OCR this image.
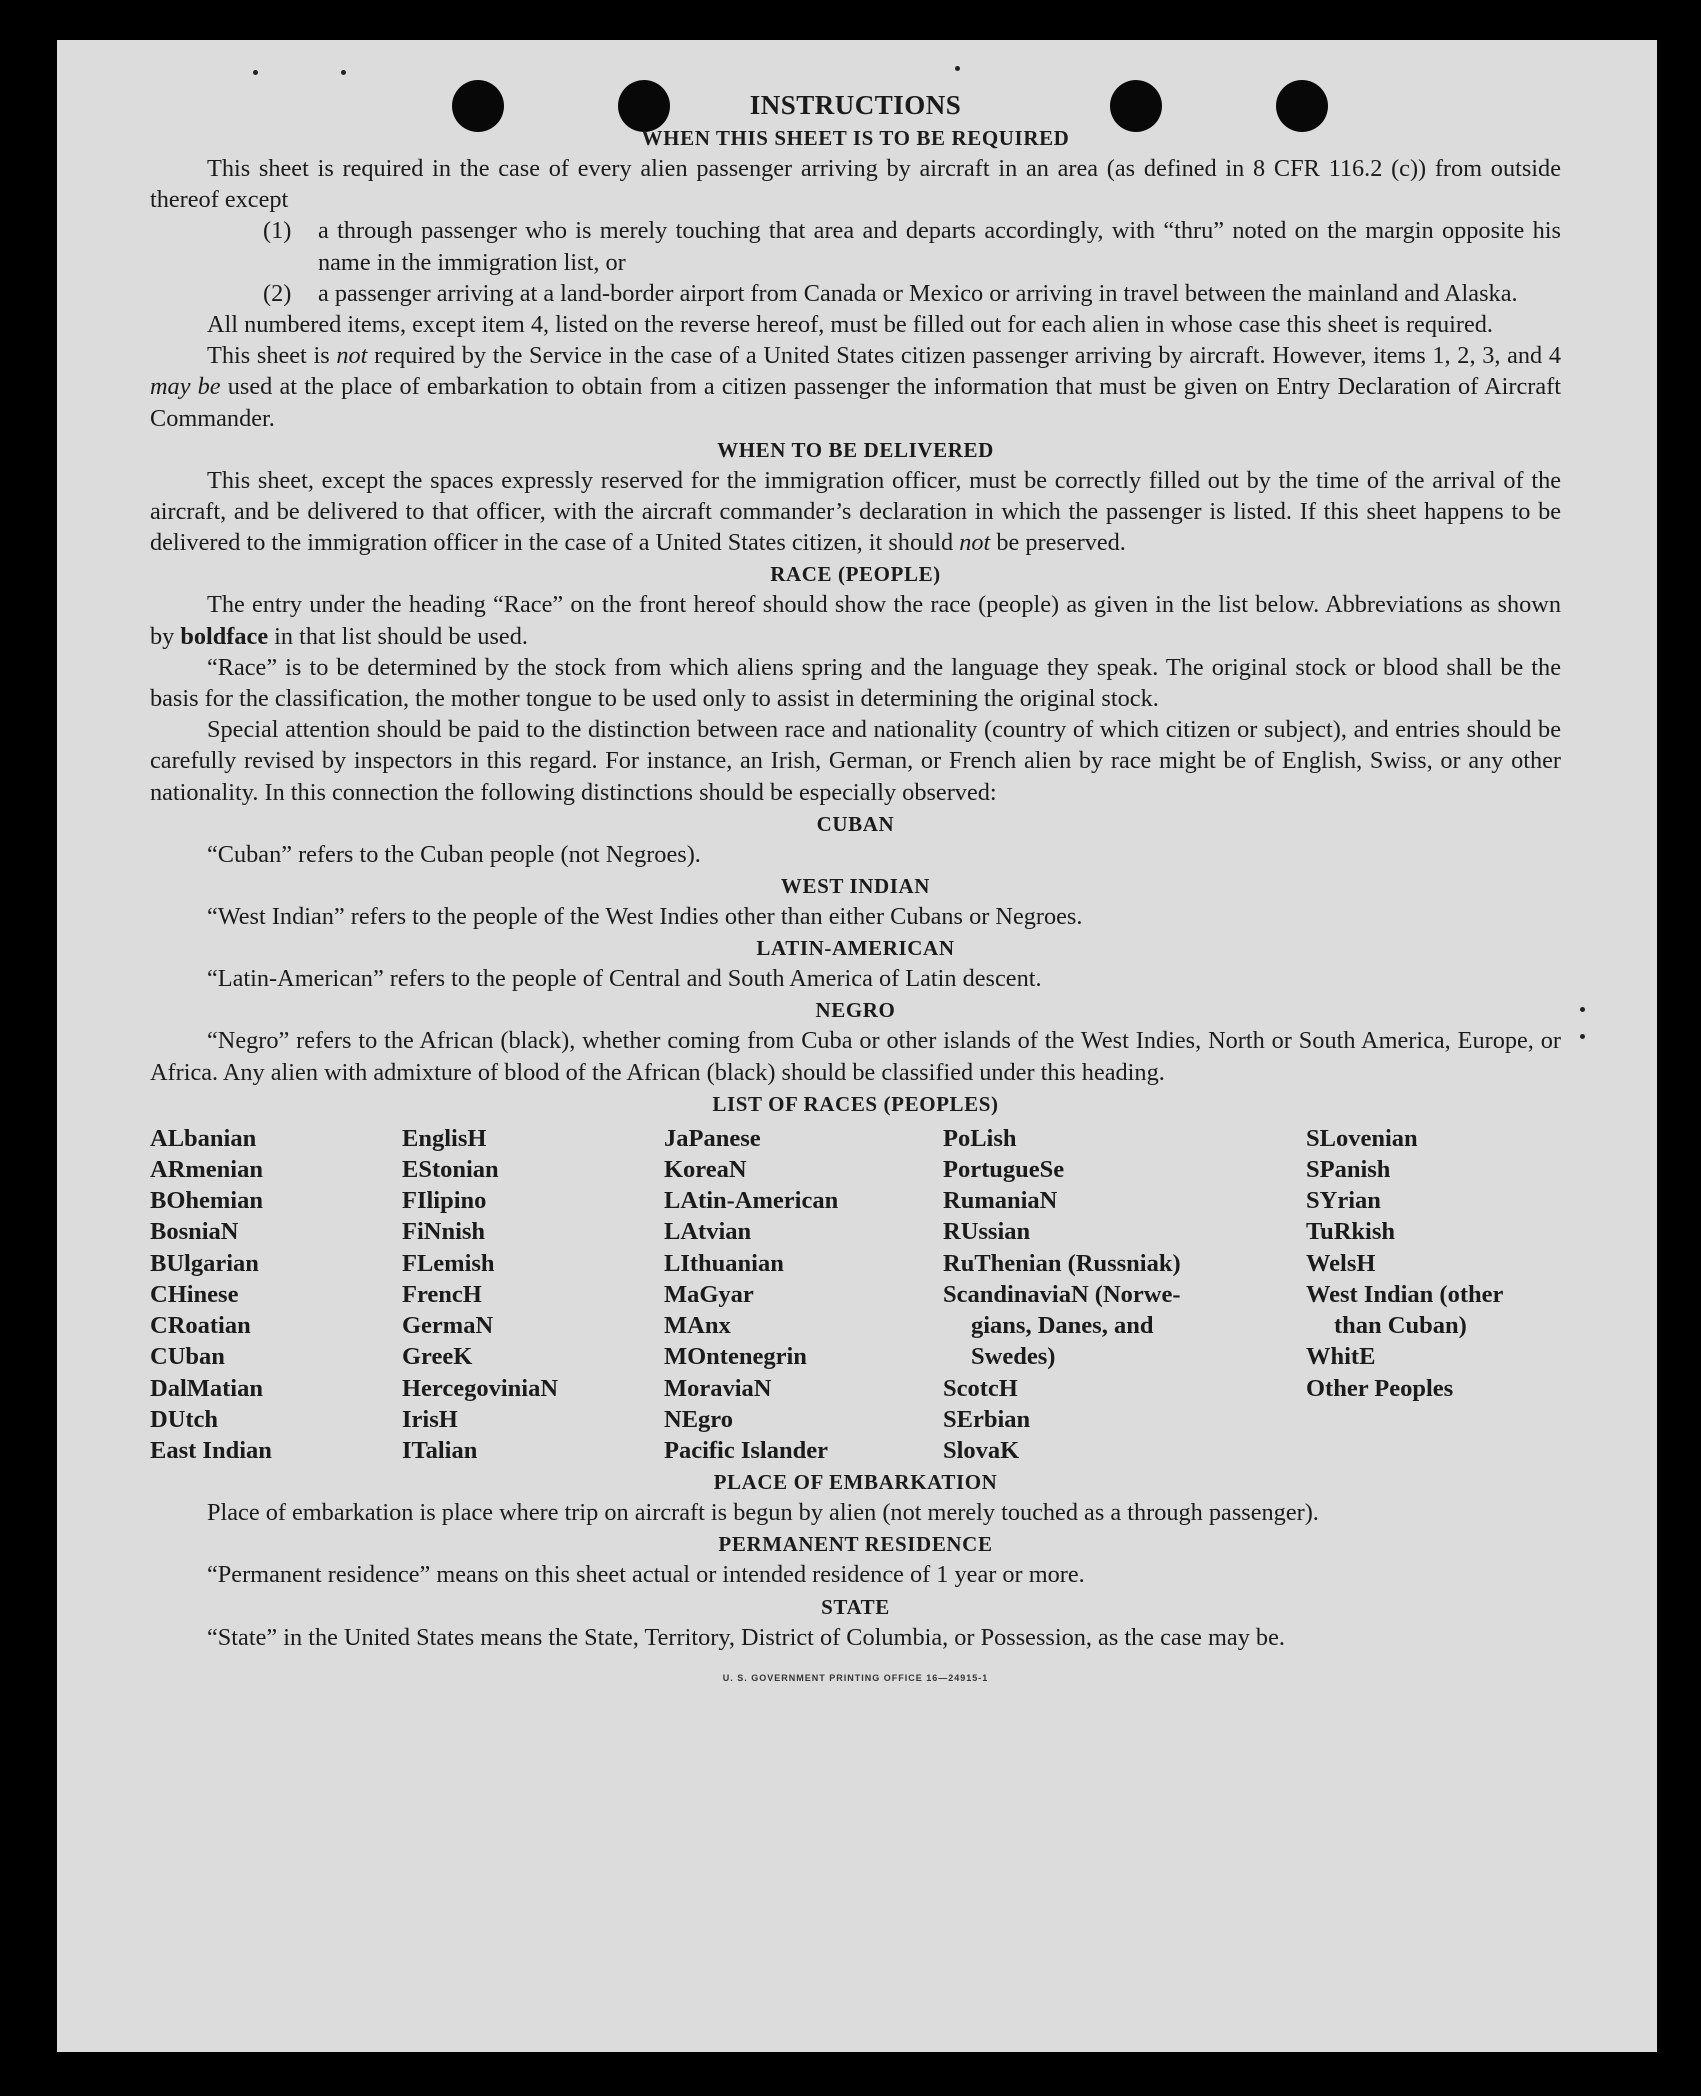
INSTRUCTIONS
WHEN THIS SHEET IS TO BE REQUIRED

This sheet is required in the case of every alien passenger arriving by aircraft in an area (as defined in 8 CFR 116.2 (c)) from outside thereof except

(1)	a through passenger who is merely touching that area and departs accordingly, with “thru” noted on the margin opposite his name in the immigration list, or
(2)	a passenger arriving at a land-border airport from Canada or Mexico or arriving in travel between the mainland and Alaska.

All numbered items, except item 4, listed on the reverse hereof, must be filled out for each alien in whose case this sheet is required.

This sheet is not required by the Service in the case of a United States citizen passenger arriving by aircraft. However, items 1, 2, 3, and 4 may be used at the place of embarkation to obtain from a citizen passenger the information that must be given on Entry Declaration of Aircraft Commander.

WHEN TO BE DELIVERED

This sheet, except the spaces expressly reserved for the immigration officer, must be correctly filled out by the time of the arrival of the aircraft, and be delivered to that officer, with the aircraft commander’s declaration in which the passenger is listed. If this sheet happens to be delivered to the immigration officer in the case of a United States citizen, it should not be preserved.

RACE (PEOPLE)

The entry under the heading “Race” on the front hereof should show the race (people) as given in the list below. Abbreviations as shown by boldface in that list should be used.

“Race” is to be determined by the stock from which aliens spring and the language they speak. The original stock or blood shall be the basis for the classification, the mother tongue to be used only to assist in determining the original stock.

Special attention should be paid to the distinction between race and nationality (country of which citizen or subject), and entries should be carefully revised by inspectors in this regard. For instance, an Irish, German, or French alien by race might be of English, Swiss, or any other nationality. In this connection the following distinctions should be especially observed:

CUBAN

“Cuban” refers to the Cuban people (not Negroes).

WEST INDIAN

“West Indian” refers to the people of the West Indies other than either Cubans or Negroes.

LATIN-AMERICAN

“Latin-American” refers to the people of Central and South America of Latin descent.

NEGRO

“Negro” refers to the African (black), whether coming from Cuba or other islands of the West Indies, North or South America, Europe, or Africa. Any alien with admixture of blood of the African (black) should be classified under this heading.

LIST OF RACES (PEOPLES)
ALbanian
ARmenian
BOhemian
BosniaN
BUlgarian
CHinese
CRoatian
CUban
DalMatian
DUtch
East Indian
EnglisH
EStonian
FIlipino
FiNnish
FLemish
FrencH
GermaN
GreeK
HercegoviniaN
IrisH
ITalian
JaPanese
KoreaN
LAtin-American
LAtvian
LIthuanian
MaGyar
MAnx
MOntenegrin
MoraviaN
NEgro
Pacific Islander
PoLish
PortugueSe
RumaniaN
RUssian
RuThenian (Russniak)
ScandinaviaN (Norwe-
gians, Danes, and
Swedes)
ScotcH
SErbian
SlovaK
SLovenian
SPanish
SYrian
TuRkish
WelsH
West Indian (other
than Cuban)
WhitE
Other Peoples
PLACE OF EMBARKATION

Place of embarkation is place where trip on aircraft is begun by alien (not merely touched as a through passenger).

PERMANENT RESIDENCE

“Permanent residence” means on this sheet actual or intended residence of 1 year or more.

STATE

“State” in the United States means the State, Territory, District of Columbia, or Possession, as the case may be.

U. S. GOVERNMENT PRINTING OFFICE 16—24915-1
